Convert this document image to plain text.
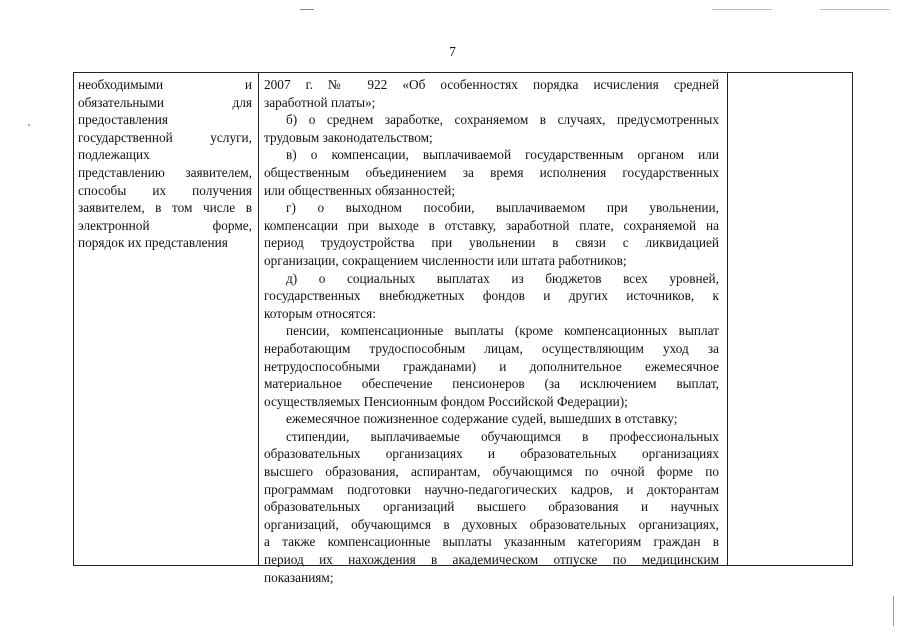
7
необходимыми и
обязательными для
предоставления
государственной услуги,
подлежащих
представлению заявителем,
способы их получения
заявителем, в том числе в
электронной форме,
порядок их представления
2007 г. № 922 «Об особенностях порядка исчисления средней
заработной платы»;
б) о среднем заработке, сохраняемом в случаях, предусмотренных
трудовым законодательством;
в) о компенсации, выплачиваемой государственным органом или
общественным объединением за время исполнения государственных
или общественных обязанностей;
г) о выходном пособии, выплачиваемом при увольнении,
компенсации при выходе в отставку, заработной плате, сохраняемой на
период трудоустройства при увольнении в связи с ликвидацией
организации, сокращением численности или штата работников;
д) о социальных выплатах из бюджетов всех уровней,
государственных внебюджетных фондов и других источников, к
которым относятся:
пенсии, компенсационные выплаты (кроме компенсационных выплат
неработающим трудоспособным лицам, осуществляющим уход за
нетрудоспособными гражданами) и дополнительное ежемесячное
материальное обеспечение пенсионеров (за исключением выплат,
осуществляемых Пенсионным фондом Российской Федерации);
ежемесячное пожизненное содержание судей, вышедших в отставку;
стипендии, выплачиваемые обучающимся в профессиональных
образовательных организациях и образовательных организациях
высшего образования, аспирантам, обучающимся по очной форме по
программам подготовки научно-педагогических кадров, и докторантам
образовательных организаций высшего образования и научных
организаций, обучающимся в духовных образовательных организациях,
а также компенсационные выплаты указанным категориям граждан в
период их нахождения в академическом отпуске по медицинским
показаниям;
